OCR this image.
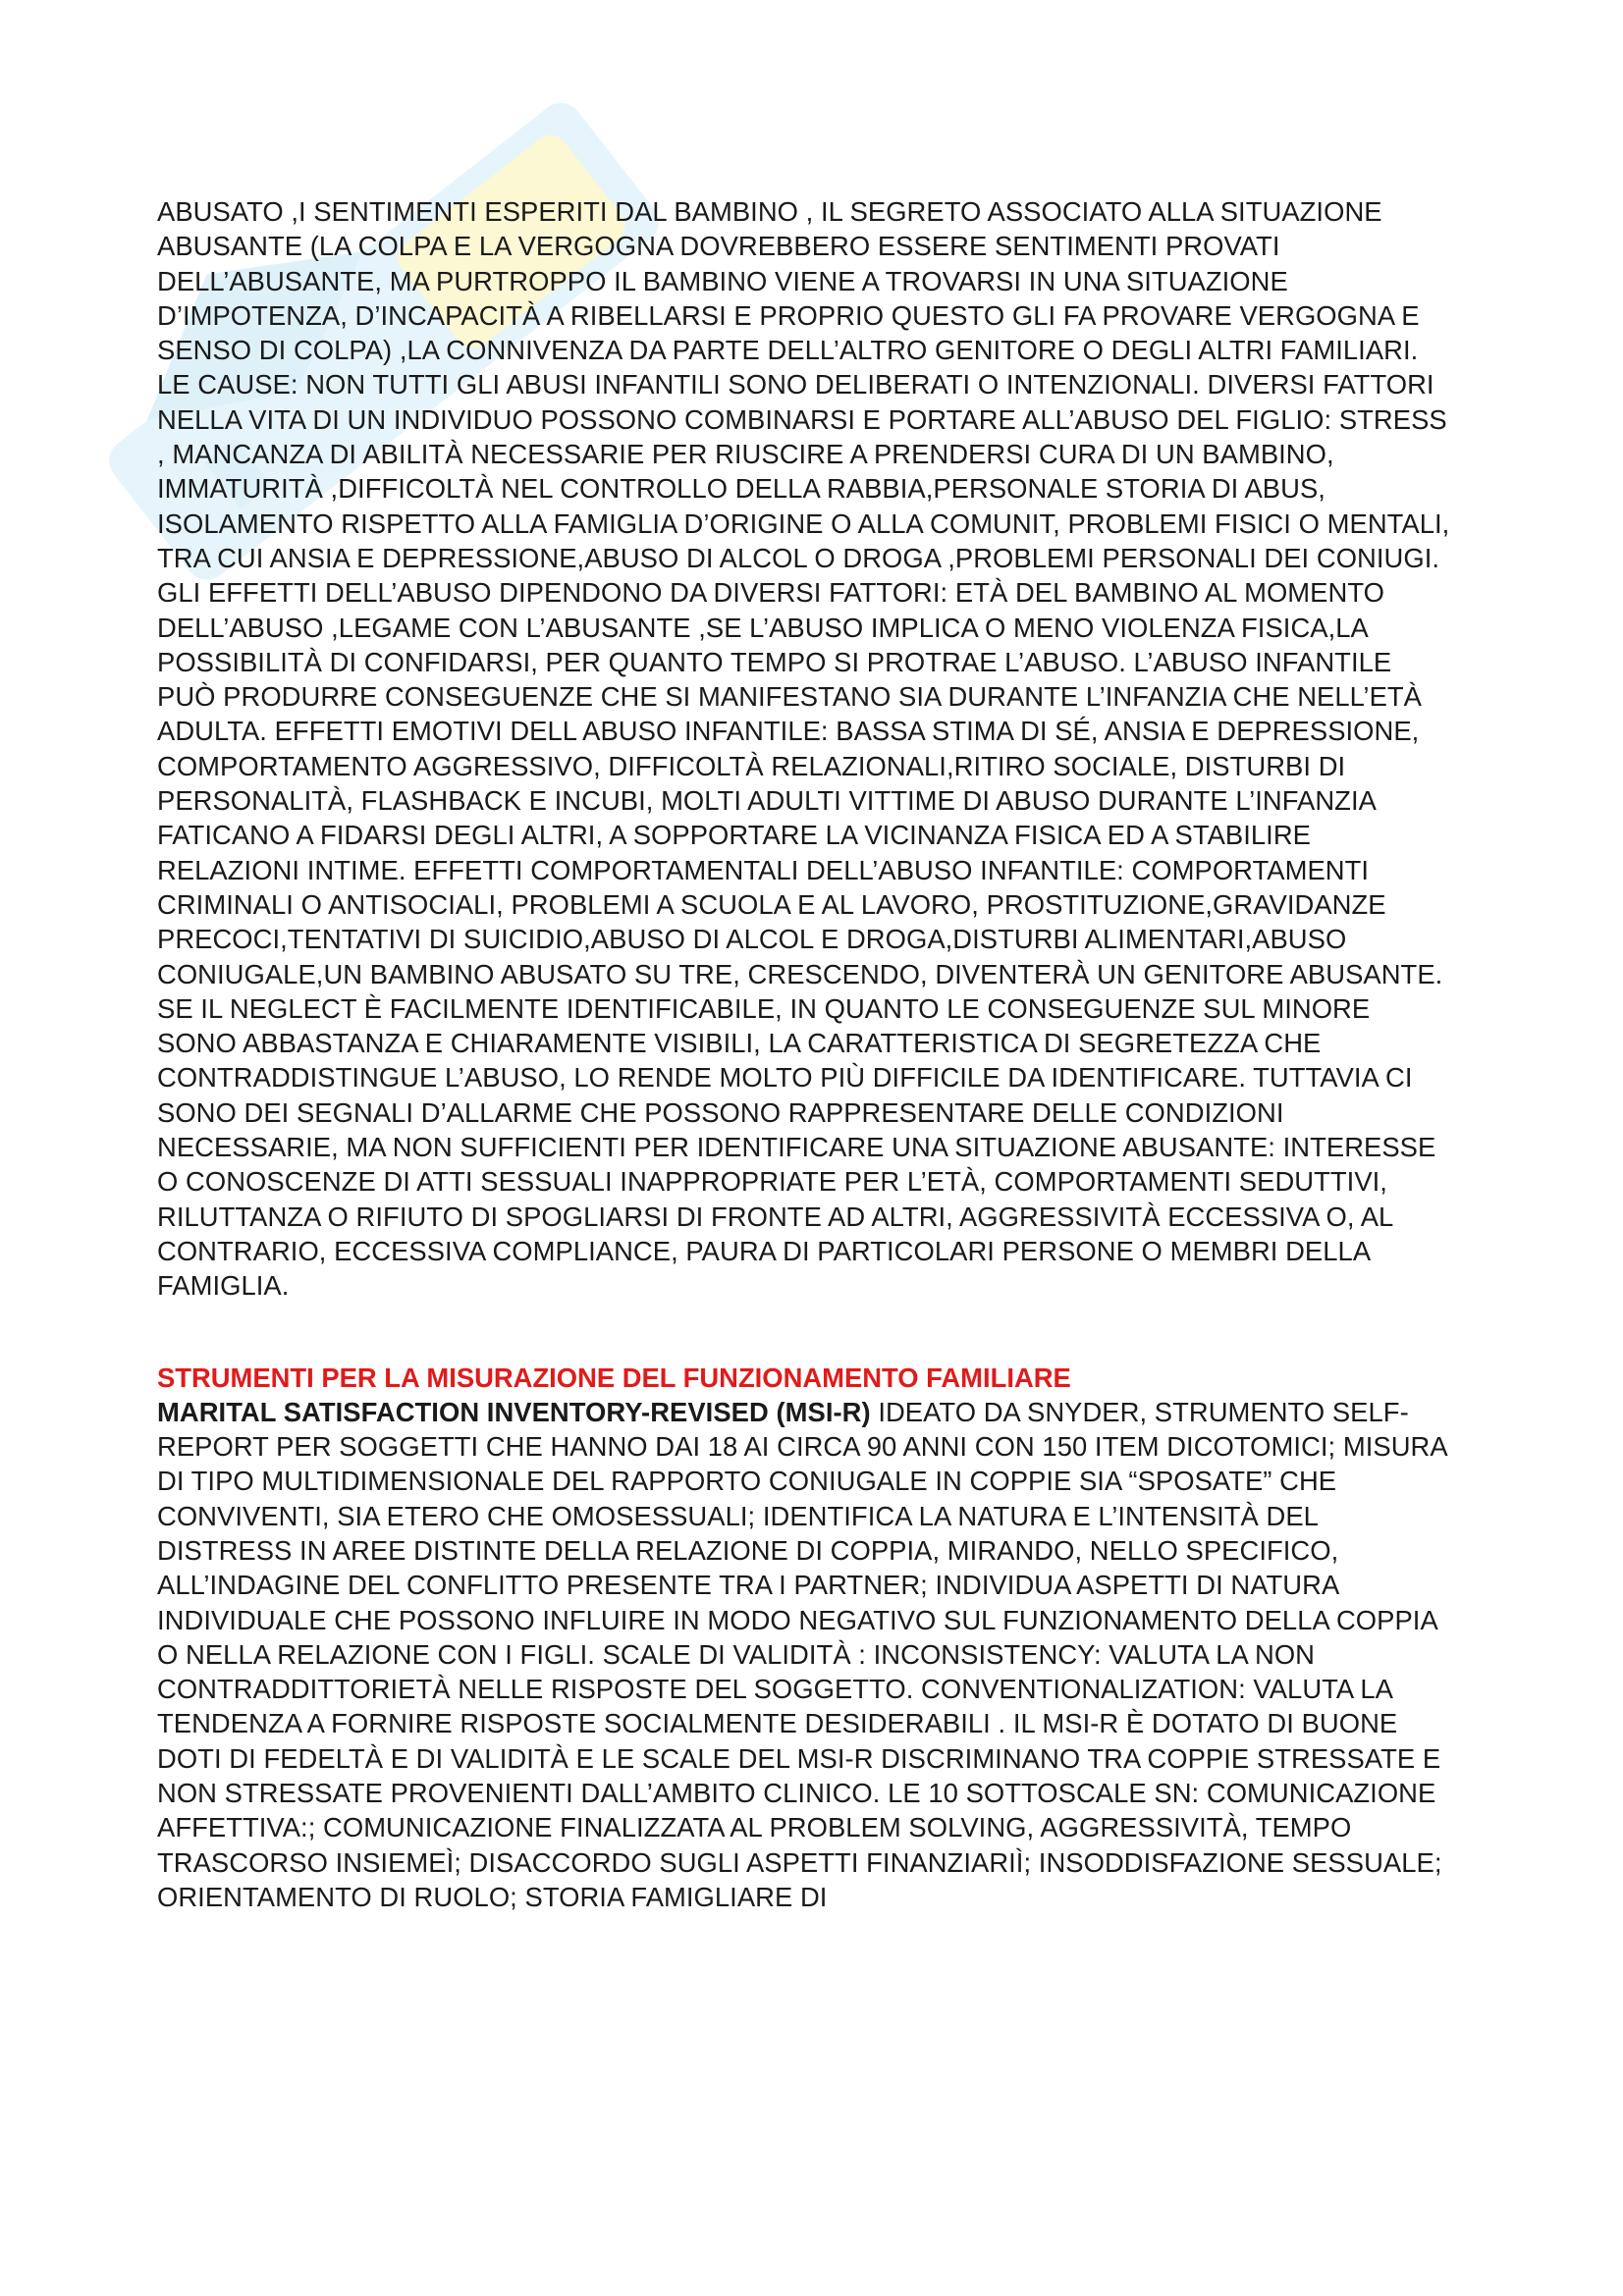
ABUSATO ,I SENTIMENTI ESPERITI DAL BAMBINO , IL SEGRETO ASSOCIATO ALLA SITUAZIONE ABUSANTE (LA COLPA E LA VERGOGNA DOVREBBERO ESSERE SENTIMENTI PROVATI DELL’ABUSANTE, MA PURTROPPO IL BAMBINO VIENE A TROVARSI IN UNA SITUAZIONE D’IMPOTENZA, D’INCAPACITÀ A RIBELLARSI E PROPRIO QUESTO GLI FA PROVARE VERGOGNA E SENSO DI COLPA) ,LA CONNIVENZA DA PARTE DELL’ALTRO GENITORE O DEGLI ALTRI FAMILIARI. LE CAUSE: NON TUTTI GLI ABUSI INFANTILI SONO DELIBERATI O INTENZIONALI. DIVERSI FATTORI NELLA VITA DI UN INDIVIDUO POSSONO COMBINARSI E PORTARE ALL’ABUSO DEL FIGLIO: STRESS , MANCANZA DI ABILITÀ NECESSARIE PER RIUSCIRE A PRENDERSI CURA DI UN BAMBINO, IMMATURITÀ ,DIFFICOLTÀ NEL CONTROLLO DELLA RABBIA,PERSONALE STORIA DI ABUS, ISOLAMENTO RISPETTO ALLA FAMIGLIA D’ORIGINE O ALLA COMUNIT, PROBLEMI FISICI O MENTALI, TRA CUI ANSIA E DEPRESSIONE,ABUSO DI ALCOL O DROGA ,PROBLEMI PERSONALI DEI CONIUGI. GLI EFFETTI DELL’ABUSO DIPENDONO DA DIVERSI FATTORI: ETÀ DEL BAMBINO AL MOMENTO DELL’ABUSO ,LEGAME CON L’ABUSANTE ,SE L’ABUSO IMPLICA O MENO VIOLENZA FISICA,LA POSSIBILITÀ DI CONFIDARSI, PER QUANTO TEMPO SI PROTRAE L’ABUSO. L’ABUSO INFANTILE PUÒ PRODURRE CONSEGUENZE CHE SI MANIFESTANO SIA DURANTE L’INFANZIA CHE NELL’ETÀ ADULTA. EFFETTI EMOTIVI DELL ABUSO INFANTILE: BASSA STIMA DI SÉ, ANSIA E DEPRESSIONE, COMPORTAMENTO AGGRESSIVO, DIFFICOLTÀ RELAZIONALI,RITIRO SOCIALE, DISTURBI DI PERSONALITÀ, FLASHBACK E INCUBI, MOLTI ADULTI VITTIME DI ABUSO DURANTE L’INFANZIA FATICANO A FIDARSI DEGLI ALTRI, A SOPPORTARE LA VICINANZA FISICA ED A STABILIRE RELAZIONI INTIME. EFFETTI COMPORTAMENTALI DELL’ABUSO INFANTILE: COMPORTAMENTI CRIMINALI O ANTISOCIALI, PROBLEMI A SCUOLA E AL LAVORO, PROSTITUZIONE,GRAVIDANZE PRECOCI,TENTATIVI DI SUICIDIO,ABUSO DI ALCOL E DROGA,DISTURBI ALIMENTARI,ABUSO CONIUGALE,UN BAMBINO ABUSATO SU TRE, CRESCENDO, DIVENTERÀ UN GENITORE ABUSANTE. SE IL NEGLECT È FACILMENTE IDENTIFICABILE, IN QUANTO LE CONSEGUENZE SUL MINORE SONO ABBASTANZA E CHIARAMENTE VISIBILI, LA CARATTERISTICA DI SEGRETEZZA CHE CONTRADDISTINGUE L’ABUSO, LO RENDE MOLTO PIÙ DIFFICILE DA IDENTIFICARE. TUTTAVIA CI SONO DEI SEGNALI D’ALLARME CHE POSSONO RAPPRESENTARE DELLE CONDIZIONI NECESSARIE, MA NON SUFFICIENTI PER IDENTIFICARE UNA SITUAZIONE ABUSANTE: INTERESSE O CONOSCENZE DI ATTI SESSUALI INAPPROPRIATE PER L’ETÀ, COMPORTAMENTI SEDUTTIVI, RILUTTANZA O RIFIUTO DI SPOGLIARSI DI FRONTE AD ALTRI, AGGRESSIVITÀ ECCESSIVA O, AL CONTRARIO, ECCESSIVA COMPLIANCE, PAURA DI PARTICOLARI PERSONE O MEMBRI DELLA FAMIGLIA.

STRUMENTI PER LA MISURAZIONE DEL FUNZIONAMENTO FAMILIARE

MARITAL SATISFACTION INVENTORY-REVISED (MSI-R) IDEATO DA SNYDER, STRUMENTO SELF-REPORT PER SOGGETTI CHE HANNO DAI 18 AI CIRCA 90 ANNI CON 150 ITEM DICOTOMICI; MISURA DI TIPO MULTIDIMENSIONALE DEL RAPPORTO CONIUGALE IN COPPIE SIA “SPOSATE” CHE CONVIVENTI, SIA ETERO CHE OMOSESSUALI; IDENTIFICA LA NATURA E L’INTENSITÀ DEL DISTRESS IN AREE DISTINTE DELLA RELAZIONE DI COPPIA, MIRANDO, NELLO SPECIFICO, ALL’INDAGINE DEL CONFLITTO PRESENTE TRA I PARTNER; INDIVIDUA ASPETTI DI NATURA INDIVIDUALE CHE POSSONO INFLUIRE IN MODO NEGATIVO SUL FUNZIONAMENTO DELLA COPPIA O NELLA RELAZIONE CON I FIGLI. SCALE DI VALIDITÀ : INCONSISTENCY: VALUTA LA NON CONTRADDITTORIETÀ NELLE RISPOSTE DEL SOGGETTO. CONVENTIONALIZATION: VALUTA LA TENDENZA A FORNIRE RISPOSTE SOCIALMENTE DESIDERABILI . IL MSI-R È DOTATO DI BUONE DOTI DI FEDELTÀ E DI VALIDITÀ E LE SCALE DEL MSI-R DISCRIMINANO TRA COPPIE STRESSATE E NON STRESSATE PROVENIENTI DALL’AMBITO CLINICO. LE 10 SOTTOSCALE SN: COMUNICAZIONE AFFETTIVA:; COMUNICAZIONE FINALIZZATA AL PROBLEM SOLVING, AGGRESSIVITÀ, TEMPO TRASCORSO INSIEMEÌ; DISACCORDO SUGLI ASPETTI FINANZIARIÌ; INSODDISFAZIONE SESSUALE; ORIENTAMENTO DI RUOLO; STORIA FAMIGLIARE DI
